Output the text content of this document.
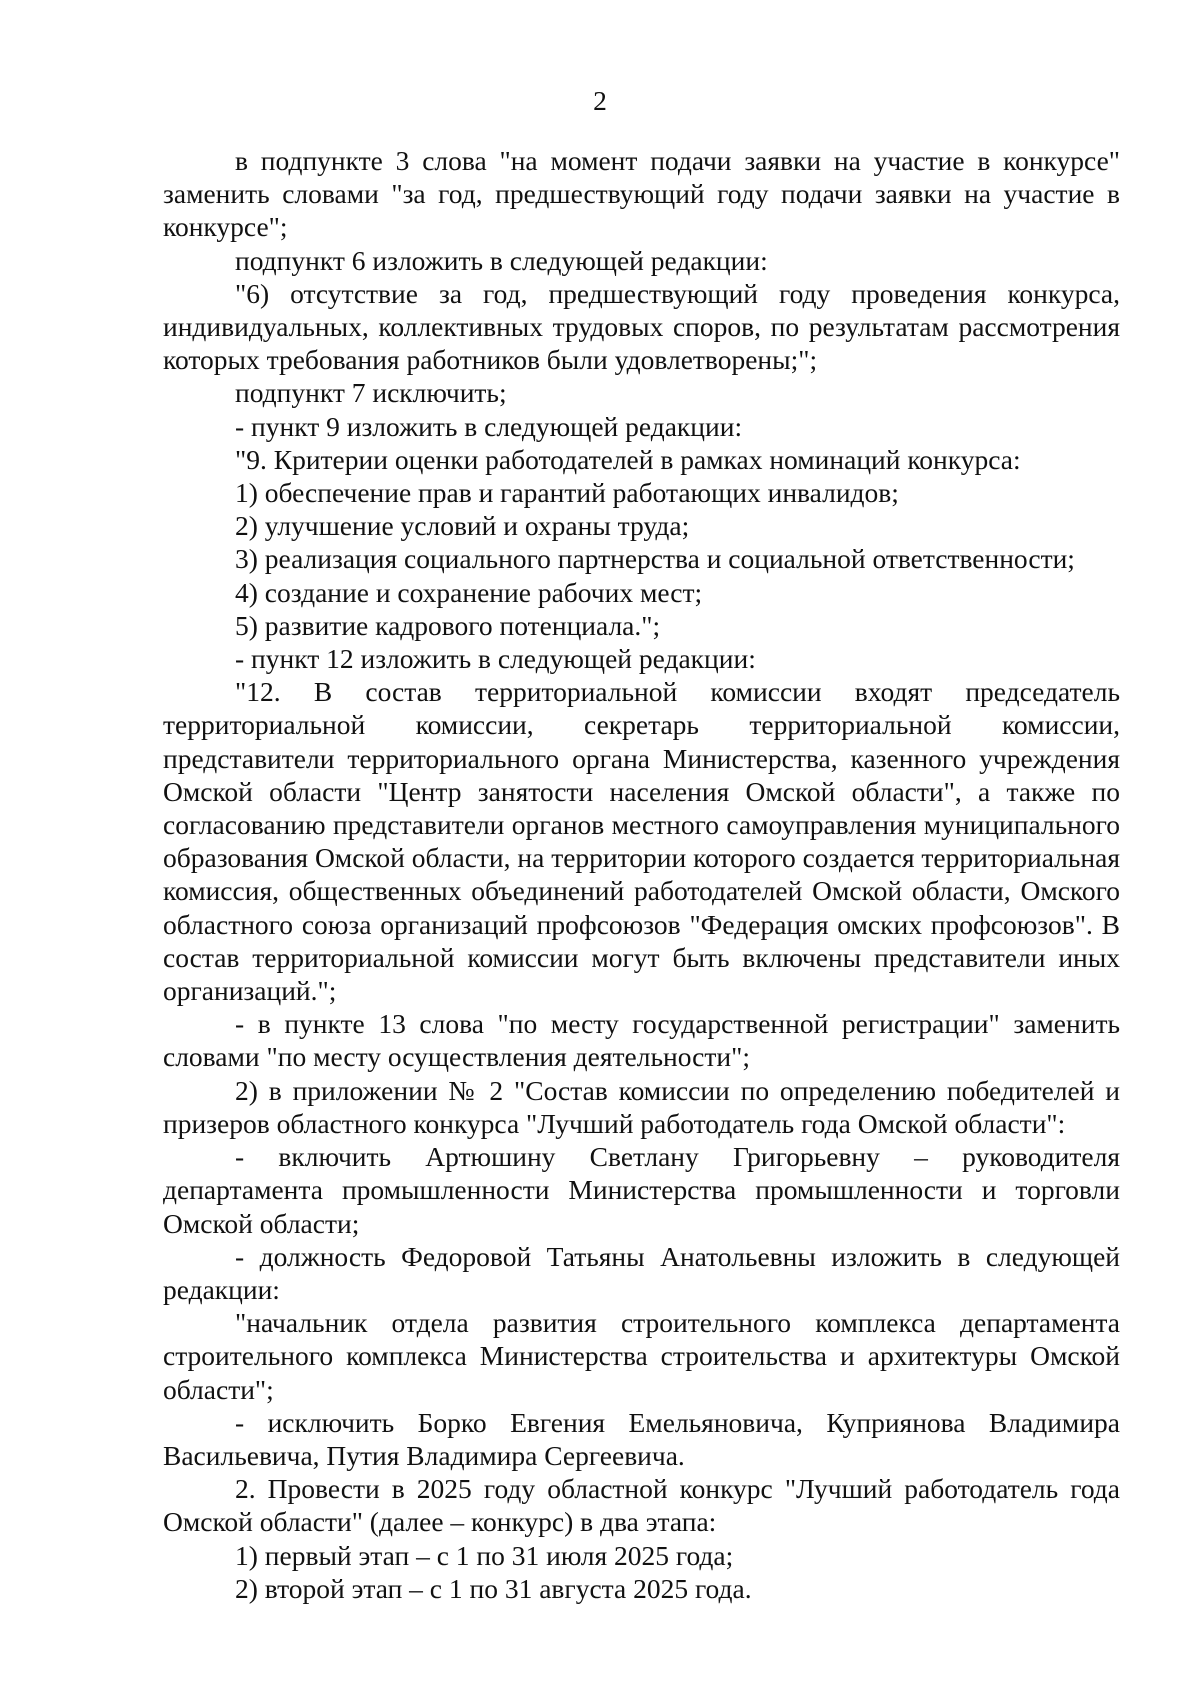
2

в подпункте 3 слова "на момент подачи заявки на участие в конкурсе" заменить словами "за год, предшествующий году подачи заявки на участие в конкурсе";

подпункт 6 изложить в следующей редакции:

"6) отсутствие за год, предшествующий году проведения конкурса, индивидуальных, коллективных трудовых споров, по результатам рассмотрения которых требования работников были удовлетворены;";

подпункт 7 исключить;

- пункт 9 изложить в следующей редакции:

"9. Критерии оценки работодателей в рамках номинаций конкурса:

1) обеспечение прав и гарантий работающих инвалидов;

2) улучшение условий и охраны труда;

3) реализация социального партнерства и социальной ответственности;

4) создание и сохранение рабочих мест;

5) развитие кадрового потенциала.";

- пункт 12 изложить в следующей редакции:

"12. В состав территориальной комиссии входят председатель территориальной комиссии, секретарь территориальной комиссии, представители территориального органа Министерства, казенного учреждения Омской области "Центр занятости населения Омской области", а также по согласованию представители органов местного самоуправления муниципального образования Омской области, на территории которого создается территориальная комиссия, общественных объединений работодателей Омской области, Омского областного союза организаций профсоюзов "Федерация омских профсоюзов". В состав территориальной комиссии могут быть включены представители иных организаций.";

- в пункте 13 слова "по месту государственной регистрации" заменить словами "по месту осуществления деятельности";

2) в приложении № 2 "Состав комиссии по определению победителей и призеров областного конкурса "Лучший работодатель года Омской области":

- включить Артюшину Светлану Григорьевну – руководителя департамента промышленности Министерства промышленности и торговли Омской области;

- должность Федоровой Татьяны Анатольевны изложить в следующей редакции:

"начальник отдела развития строительного комплекса департамента строительного комплекса Министерства строительства и архитектуры Омской области";

- исключить Борко Евгения Емельяновича, Куприянова Владимира Васильевича, Путия Владимира Сергеевича.

2. Провести в 2025 году областной конкурс "Лучший работодатель года Омской области" (далее – конкурс) в два этапа:

1) первый этап – с 1 по 31 июля 2025 года;

2) второй этап – с 1 по 31 августа 2025 года.
